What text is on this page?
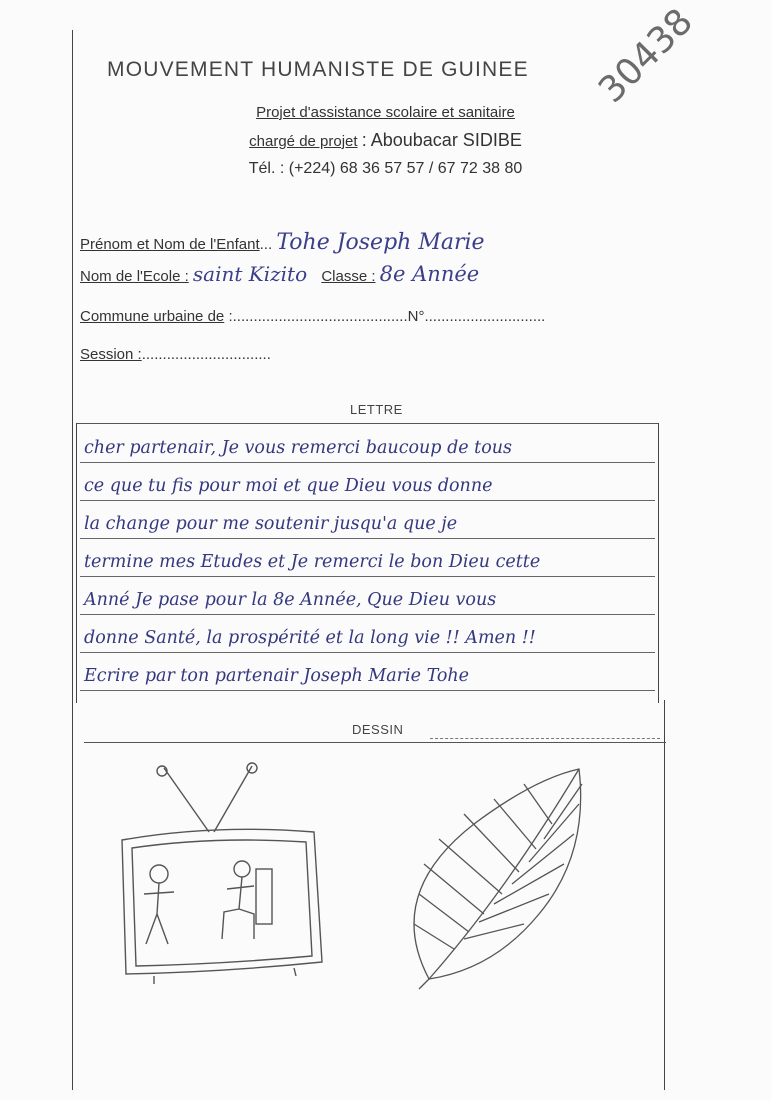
MOUVEMENT HUMANISTE DE GUINEE
Projet d'assistance scolaire et sanitaire
chargé de projet : Aboubacar SIDIBE
Tél. : (+224) 68 36 57 57 / 67 72 38 80
30438
Prénom et Nom de l'Enfant... Tohe Joseph Marie
Nom de l'Ecole : saint Kizito Classe : 8e Année
Commune urbaine de :..........................................N°.............................
Session :...............................
LETTRE
cher partenair, Je vous remerci baucoup de tous
ce que tu fis pour moi et que Dieu vous donne
la change pour me soutenir jusqu'a que je
termine mes Etudes et Je remerci le bon Dieu cette
Anné Je pase pour la 8e Année, Que Dieu vous
donne Santé, la prospérité et la long vie !! Amen !!
Ecrire par ton partenair Joseph Marie Tohe
DESSIN
